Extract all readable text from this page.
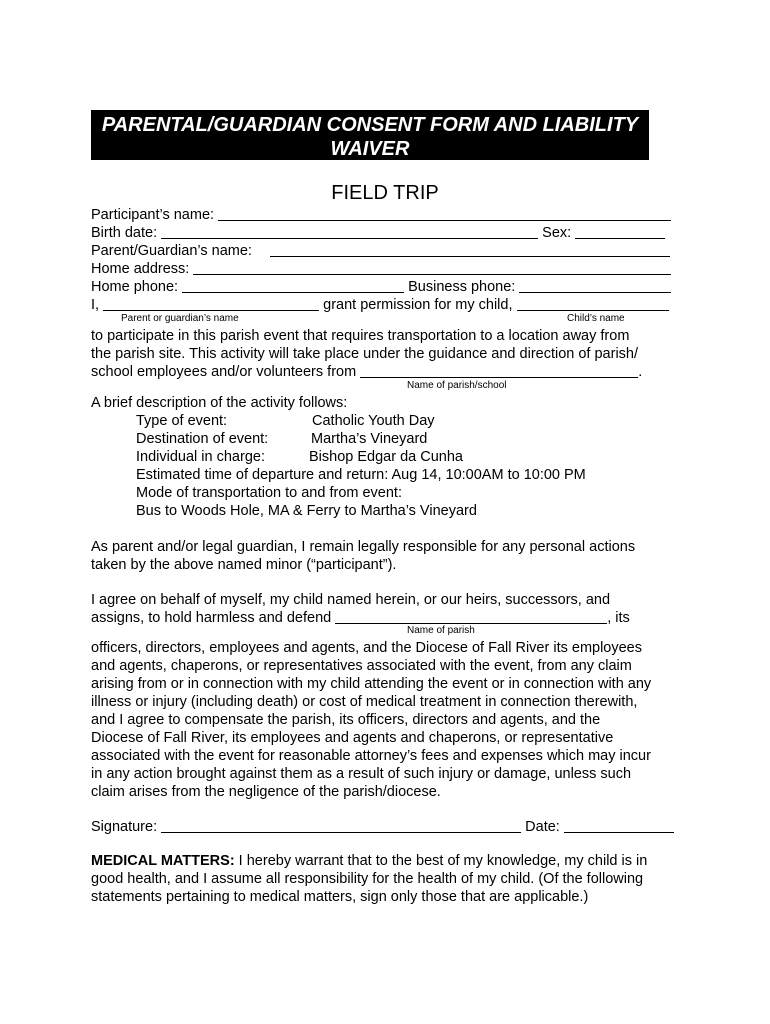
PARENTAL/GUARDIAN CONSENT FORM AND LIABILITY
WAIVER
FIELD TRIP
Participant’s name:
Birth date:	Sex:
Parent/Guardian’s name:
Home address:
Home phone:	Business phone:
I,	grant permission for my child,
Parent or guardian’s name	Child’s name
to participate in this parish event that requires transportation to a location away from
the parish site. This activity will take place under the guidance and direction of parish/
school employees and/or volunteers from	.
Name of parish/school
A brief description of the activity follows:
Type of event:	Catholic Youth Day
Destination of event:	Martha’s Vineyard
Individual in charge:	Bishop Edgar da Cunha
Estimated time of departure and return: Aug 14, 10:00AM to 10:00 PM
Mode of transportation to and from event:
Bus to Woods Hole, MA & Ferry to Martha’s Vineyard
As parent and/or legal guardian, I remain legally responsible for any personal actions
taken by the above named minor (“participant”).
I agree on behalf of myself, my child named herein, or our heirs, successors, and
assigns, to hold harmless and defend	, its
Name of parish
officers, directors, employees and agents, and the Diocese of Fall River its employees
and agents, chaperons, or representatives associated with the event, from any claim
arising from or in connection with my child attending the event or in connection with any
illness or injury (including death) or cost of medical treatment in connection therewith,
and I agree to compensate the parish, its officers, directors and agents, and the
Diocese of Fall River, its employees and agents and chaperons, or representative
associated with the event for reasonable attorney’s fees and expenses which may incur
in any action brought against them as a result of such injury or damage, unless such
claim arises from the negligence of the parish/diocese.
Signature:	Date:
MEDICAL MATTERS: I hereby warrant that to the best of my knowledge, my child is in
good health, and I assume all responsibility for the health of my child. (Of the following
statements pertaining to medical matters, sign only those that are applicable.)
